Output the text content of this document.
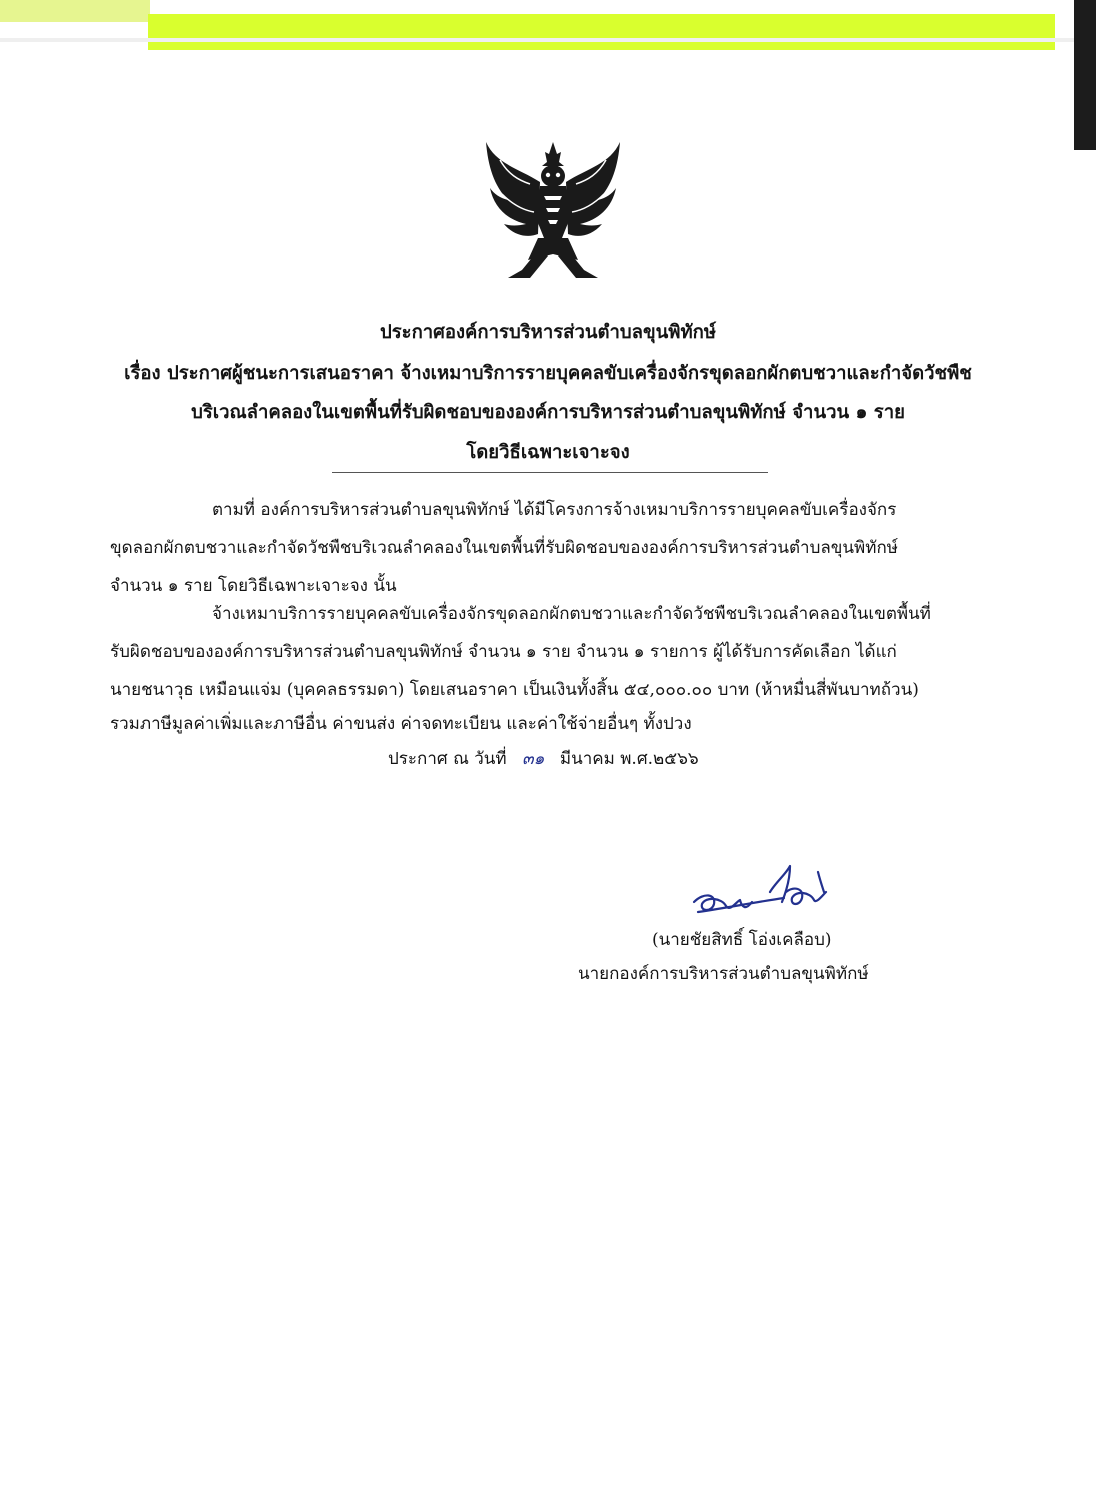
ประกาศองค์การบริหารส่วนตำบลขุนพิทักษ์
เรื่อง ประกาศผู้ชนะการเสนอราคา จ้างเหมาบริการรายบุคคลขับเครื่องจักรขุดลอกผักตบชวาและกำจัดวัชพืช
บริเวณลำคลองในเขตพื้นที่รับผิดชอบขององค์การบริหารส่วนตำบลขุนพิทักษ์ จำนวน ๑ ราย
โดยวิธีเฉพาะเจาะจง
ตามที่ องค์การบริหารส่วนตำบลขุนพิทักษ์ ได้มีโครงการจ้างเหมาบริการรายบุคคลขับเครื่องจักร
ขุดลอกผักตบชวาและกำจัดวัชพืชบริเวณลำคลองในเขตพื้นที่รับผิดชอบขององค์การบริหารส่วนตำบลขุนพิทักษ์
จำนวน ๑ ราย โดยวิธีเฉพาะเจาะจง นั้น
จ้างเหมาบริการรายบุคคลขับเครื่องจักรขุดลอกผักตบชวาและกำจัดวัชพืชบริเวณลำคลองในเขตพื้นที่
รับผิดชอบขององค์การบริหารส่วนตำบลขุนพิทักษ์ จำนวน ๑ ราย จำนวน ๑ รายการ ผู้ได้รับการคัดเลือก ได้แก่
นายชนาวุธ เหมือนแจ่ม (บุคคลธรรมดา) โดยเสนอราคา เป็นเงินทั้งสิ้น ๕๔,๐๐๐.๐๐ บาท (ห้าหมื่นสี่พันบาทถ้วน)
รวมภาษีมูลค่าเพิ่มและภาษีอื่น ค่าขนส่ง ค่าจดทะเบียน และค่าใช้จ่ายอื่นๆ ทั้งปวง
ประกาศ ณ วันที่ ๓๑ มีนาคม พ.ศ.๒๕๖๖
(นายชัยสิทธิ์ โอ่งเคลือบ)
นายกองค์การบริหารส่วนตำบลขุนพิทักษ์
